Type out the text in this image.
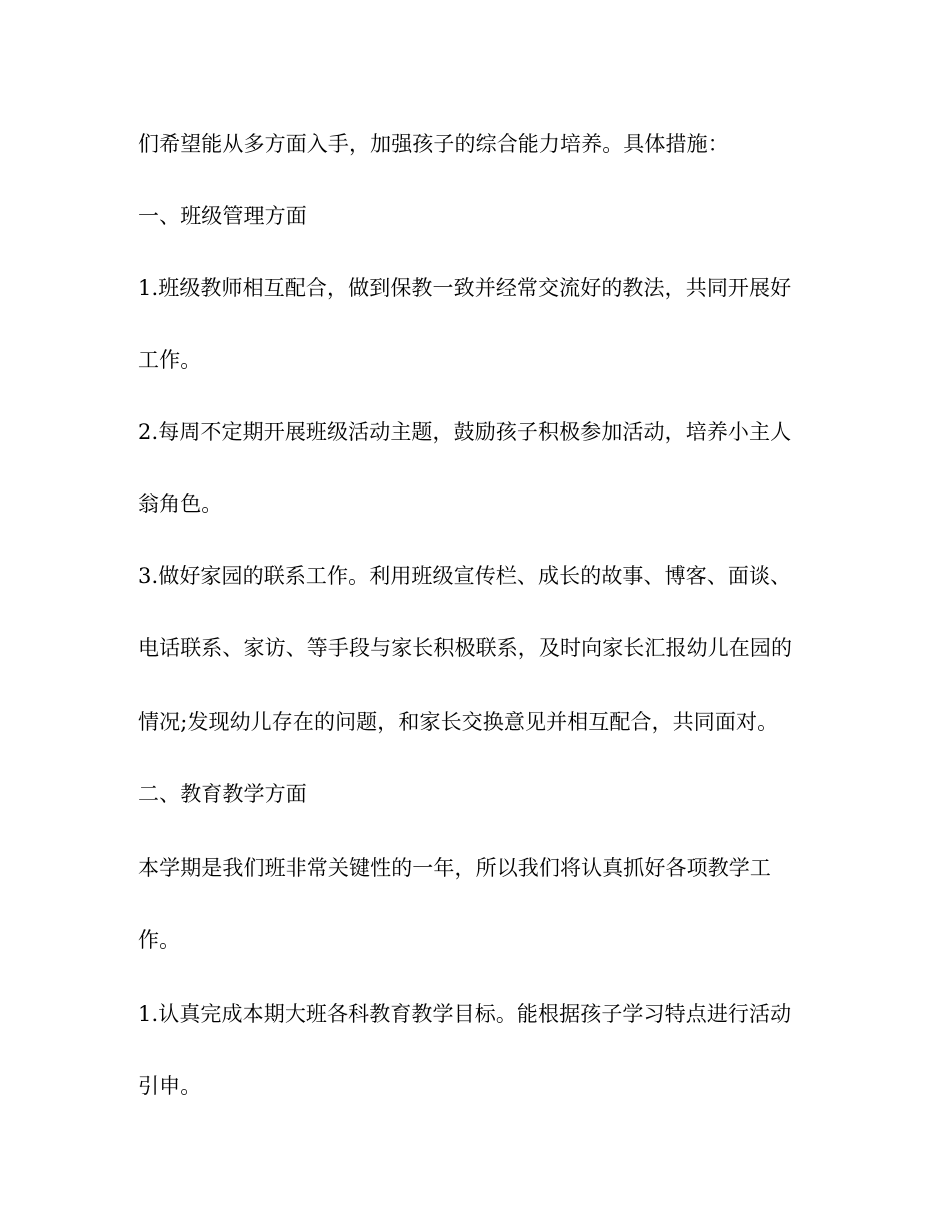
们希望能从多方面入手，加强孩子的综合能力培养。具体措施：
一、班级管理方面
1.班级教师相互配合，做到保教一致并经常交流好的教法，共同开展好
工作。
2.每周不定期开展班级活动主题，鼓励孩子积极参加活动，培养小主人
翁角色。
3.做好家园的联系工作。利用班级宣传栏、成长的故事、博客、面谈、
电话联系、家访、等手段与家长积极联系，及时向家长汇报幼儿在园的
情况;发现幼儿存在的问题，和家长交换意见并相互配合，共同面对。
二、教育教学方面
本学期是我们班非常关键性的一年，所以我们将认真抓好各项教学工
作。
1.认真完成本期大班各科教育教学目标。能根据孩子学习特点进行活动
引申。
